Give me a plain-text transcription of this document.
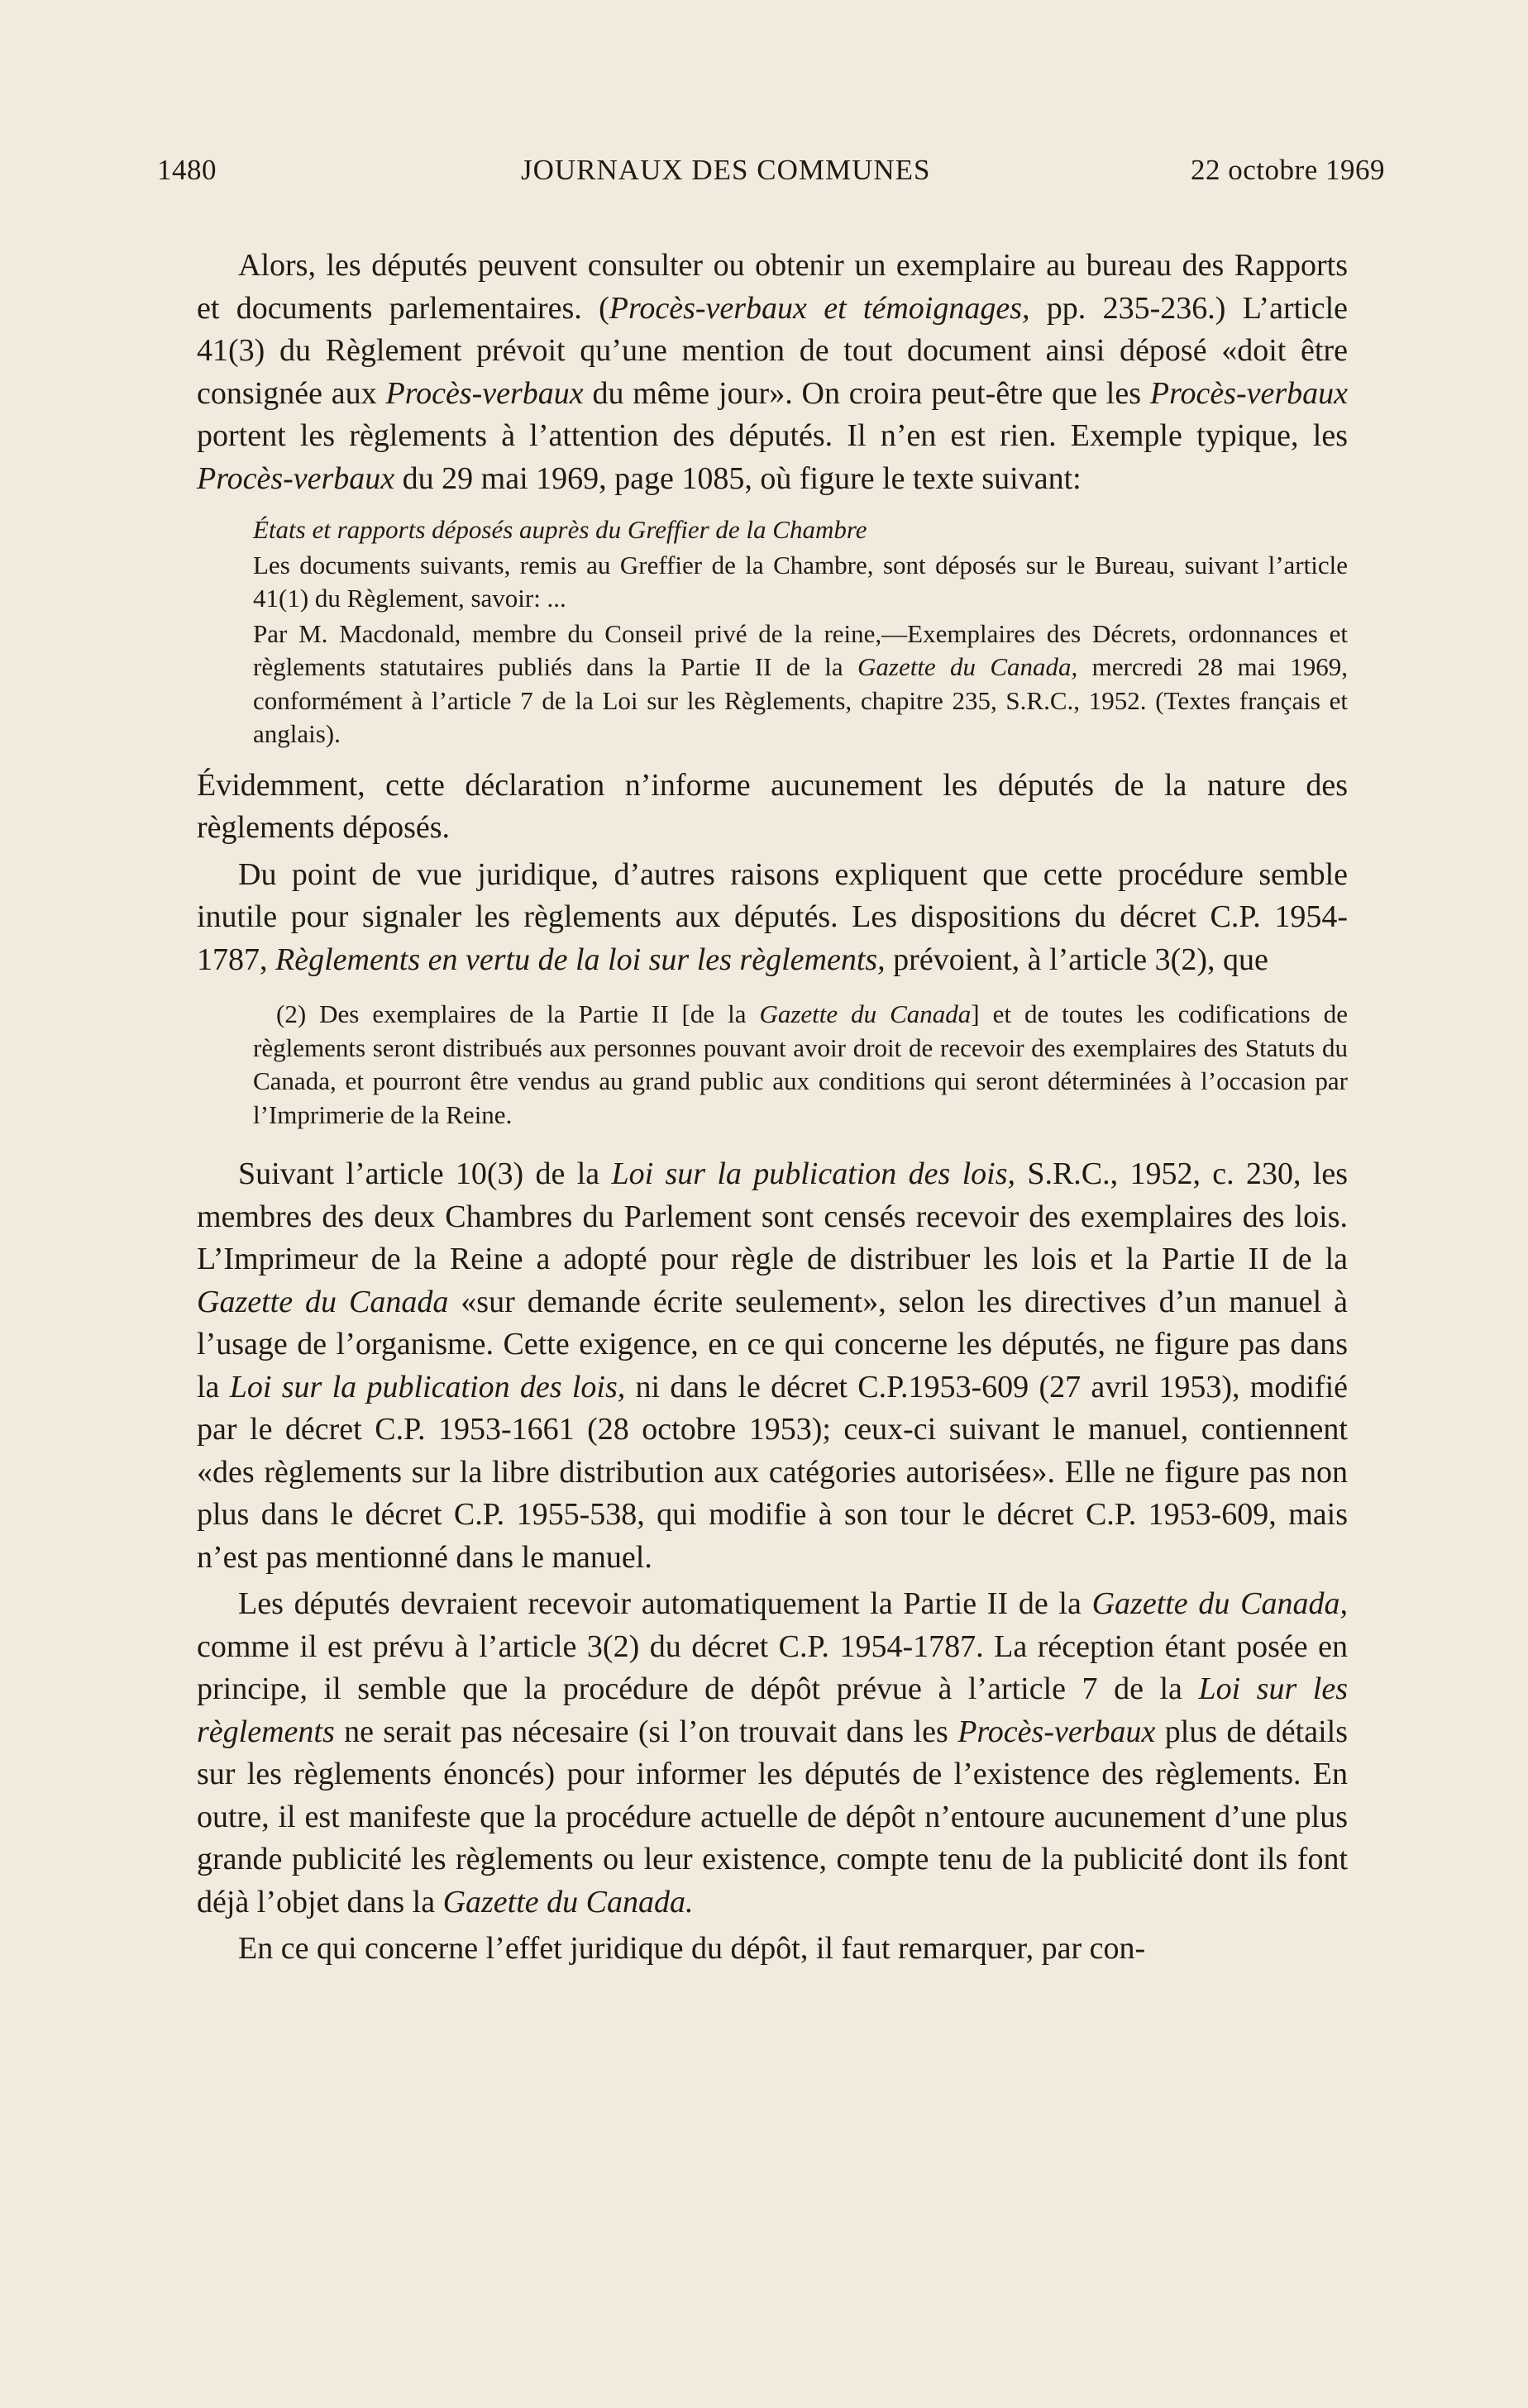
1480	JOURNAUX DES COMMUNES	22 octobre 1969

Alors, les députés peuvent consulter ou obtenir un exemplaire au bureau des Rapports et documents parlementaires. (Procès-verbaux et témoignages, pp. 235-236.) L’article 41(3) du Règlement prévoit qu’une mention de tout document ainsi déposé «doit être consignée aux Procès-verbaux du même jour». On croira peut-être que les Procès-verbaux portent les règlements à l’attention des députés. Il n’en est rien. Exemple typique, les Procès-verbaux du 29 mai 1969, page 1085, où figure le texte suivant:

États et rapports déposés auprès du Greffier de la Chambre

Les documents suivants, remis au Greffier de la Chambre, sont déposés sur le Bureau, suivant l’article 41(1) du Règlement, savoir: ...

Par M. Macdonald, membre du Conseil privé de la reine,—Exemplaires des Décrets, ordonnances et règlements statutaires publiés dans la Partie II de la Gazette du Canada, mercredi 28 mai 1969, conformément à l’article 7 de la Loi sur les Règlements, chapitre 235, S.R.C., 1952. (Textes français et anglais).

Évidemment, cette déclaration n’informe aucunement les députés de la nature des règlements déposés.

Du point de vue juridique, d’autres raisons expliquent que cette procédure semble inutile pour signaler les règlements aux députés. Les dispositions du décret C.P. 1954-1787, Règlements en vertu de la loi sur les règlements, prévoient, à l’article 3(2), que

(2) Des exemplaires de la Partie II [de la Gazette du Canada] et de toutes les codifications de règlements seront distribués aux personnes pouvant avoir droit de recevoir des exemplaires des Statuts du Canada, et pourront être vendus au grand public aux conditions qui seront déterminées à l’occasion par l’Imprimerie de la Reine.

Suivant l’article 10(3) de la Loi sur la publication des lois, S.R.C., 1952, c. 230, les membres des deux Chambres du Parlement sont censés recevoir des exemplaires des lois. L’Imprimeur de la Reine a adopté pour règle de distribuer les lois et la Partie II de la Gazette du Canada «sur demande écrite seulement», selon les directives d’un manuel à l’usage de l’organisme. Cette exigence, en ce qui concerne les députés, ne figure pas dans la Loi sur la publication des lois, ni dans le décret C.P.1953-609 (27 avril 1953), modifié par le décret C.P. 1953-1661 (28 octobre 1953); ceux-ci suivant le manuel, contiennent «des règlements sur la libre distribution aux catégories autorisées». Elle ne figure pas non plus dans le décret C.P. 1955-538, qui modifie à son tour le décret C.P. 1953-609, mais n’est pas mentionné dans le manuel.

Les députés devraient recevoir automatiquement la Partie II de la Gazette du Canada, comme il est prévu à l’article 3(2) du décret C.P. 1954-1787. La réception étant posée en principe, il semble que la procédure de dépôt prévue à l’article 7 de la Loi sur les règlements ne serait pas nécesaire (si l’on trouvait dans les Procès-verbaux plus de détails sur les règlements énoncés) pour informer les députés de l’existence des règlements. En outre, il est manifeste que la procédure actuelle de dépôt n’entoure aucunement d’une plus grande publicité les règlements ou leur existence, compte tenu de la publicité dont ils font déjà l’objet dans la Gazette du Canada.

En ce qui concerne l’effet juridique du dépôt, il faut remarquer, par con-
